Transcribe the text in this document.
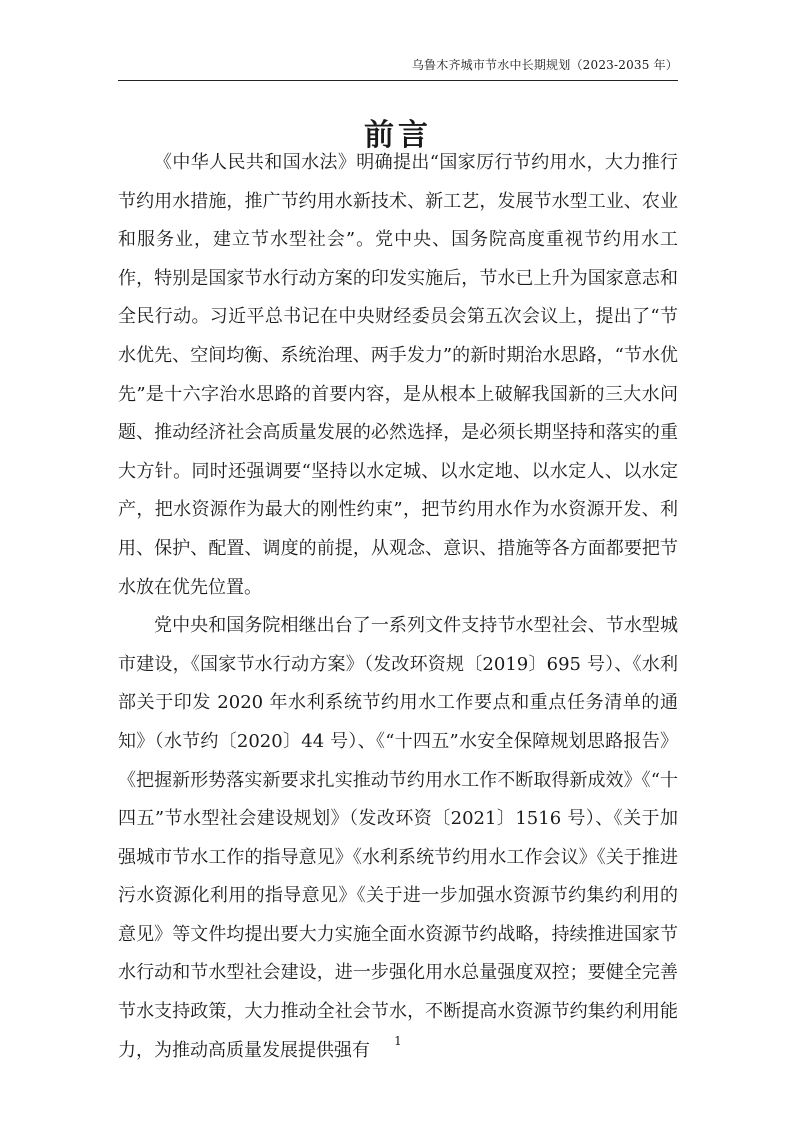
乌鲁木齐城市节水中长期规划（2023-2035 年）
前言

《中华人民共和国水法》明确提出“国家厉行节约用水，大力推行节约用水措施，推广节约用水新技术、新工艺，发展节水型工业、农业和服务业，建立节水型社会”。党中央、国务院高度重视节约用水工作，特别是国家节水行动方案的印发实施后，节水已上升为国家意志和全民行动。习近平总书记在中央财经委员会第五次会议上，提出了“节水优先、空间均衡、系统治理、两手发力”的新时期治水思路，“节水优先”是十六字治水思路的首要内容，是从根本上破解我国新的三大水问题、推动经济社会高质量发展的必然选择，是必须长期坚持和落实的重大方针。同时还强调要“坚持以水定城、以水定地、以水定人、以水定产，把水资源作为最大的刚性约束”，把节约用水作为水资源开发、利用、保护、配置、调度的前提，从观念、意识、措施等各方面都要把节水放在优先位置。

党中央和国务院相继出台了一系列文件支持节水型社会、节水型城市建设，《国家节水行动方案》（发改环资规〔2019〕695 号）、《水利部关于印发 2020 年水利系统节约用水工作要点和重点任务清单的通知》（水节约〔2020〕44 号）、《“十四五”水安全保障规划思路报告》《把握新形势落实新要求扎实推动节约用水工作不断取得新成效》《“十四五”节水型社会建设规划》（发改环资〔2021〕1516 号）、《关于加强城市节水工作的指导意见》《水利系统节约用水工作会议》《关于推进污水资源化利用的指导意见》《关于进一步加强水资源节约集约利用的意见》等文件均提出要大力实施全面水资源节约战略，持续推进国家节水行动和节水型社会建设，进一步强化用水总量强度双控；要健全完善节水支持政策，大力推动全社会节水，不断提高水资源节约集约利用能力，为推动高质量发展提供强有	1
